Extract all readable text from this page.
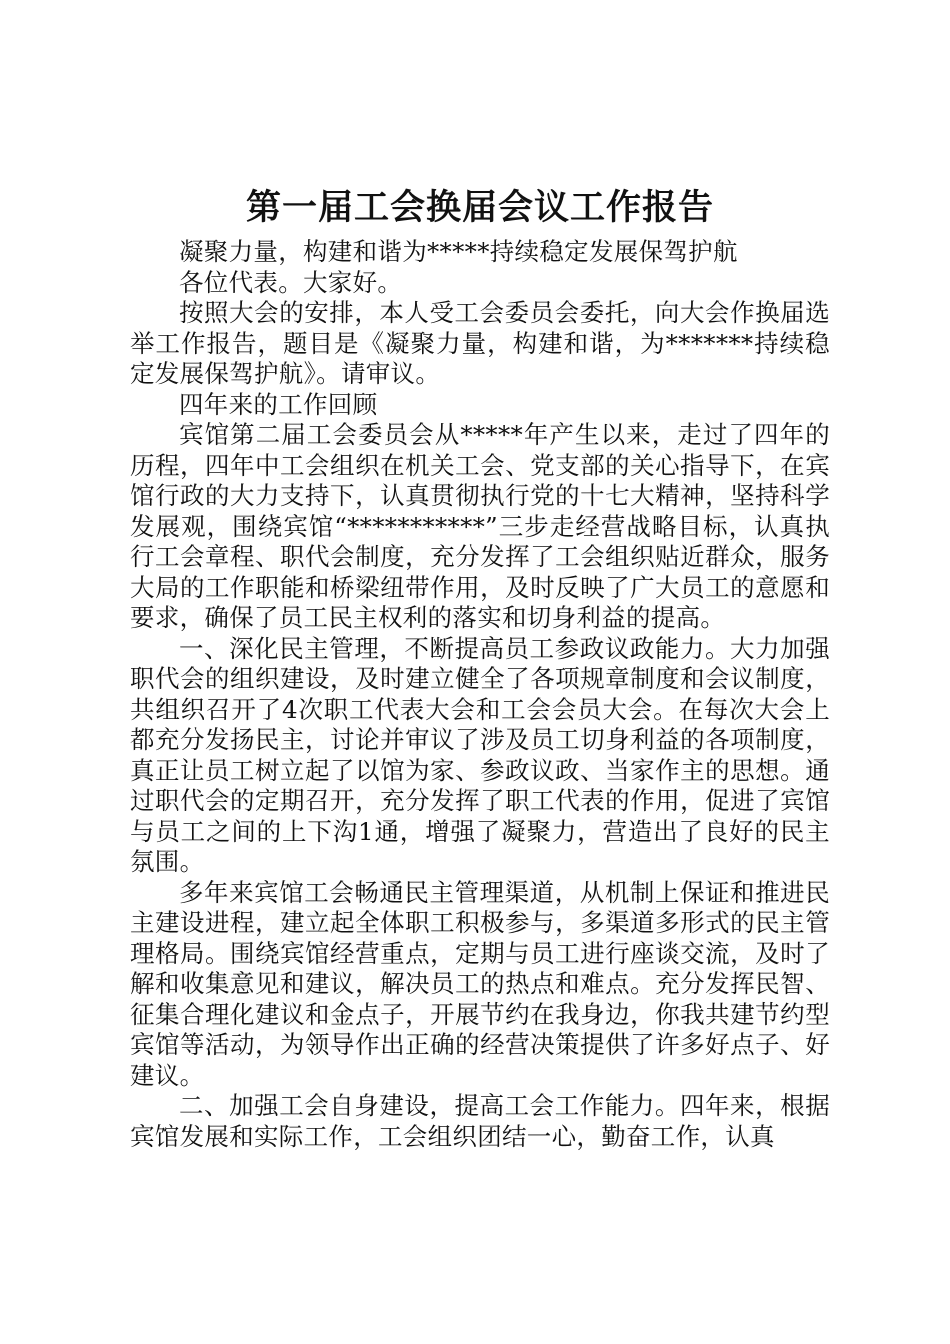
第一届工会换届会议工作报告

凝聚力量，构建和谐为*****持续稳定发展保驾护航

各位代表。大家好。

按照大会的安排，本人受工会委员会委托，向大会作换届选举工作报告，题目是《凝聚力量，构建和谐，为*******持续稳定发展保驾护航》。请审议。

四年来的工作回顾

宾馆第二届工会委员会从*****年产生以来，走过了四年的历程，四年中工会组织在机关工会、党支部的关心指导下，在宾馆行政的大力支持下，认真贯彻执行党的十七大精神，坚持科学发展观，围绕宾馆“***********”三步走经营战略目标，认真执行工会章程、职代会制度，充分发挥了工会组织贴近群众，服务大局的工作职能和桥梁纽带作用，及时反映了广大员工的意愿和要求，确保了员工民主权利的落实和切身利益的提高。

一、深化民主管理，不断提高员工参政议政能力。大力加强职代会的组织建设，及时建立健全了各项规章制度和会议制度，共组织召开了4次职工代表大会和工会会员大会。在每次大会上都充分发扬民主，讨论并审议了涉及员工切身利益的各项制度，真正让员工树立起了以馆为家、参政议政、当家作主的思想。通过职代会的定期召开，充分发挥了职工代表的作用，促进了宾馆与员工之间的上下沟1通，增强了凝聚力，营造出了良好的民主氛围。

多年来宾馆工会畅通民主管理渠道，从机制上保证和推进民主建设进程，建立起全体职工积极参与，多渠道多形式的民主管理格局。围绕宾馆经营重点，定期与员工进行座谈交流，及时了解和收集意见和建议，解决员工的热点和难点。充分发挥民智、征集合理化建议和金点子，开展节约在我身边，你我共建节约型宾馆等活动，为领导作出正确的经营决策提供了许多好点子、好建议。

二、加强工会自身建设，提高工会工作能力。四年来，根据宾馆发展和实际工作，工会组织团结一心，勤奋工作，认真
